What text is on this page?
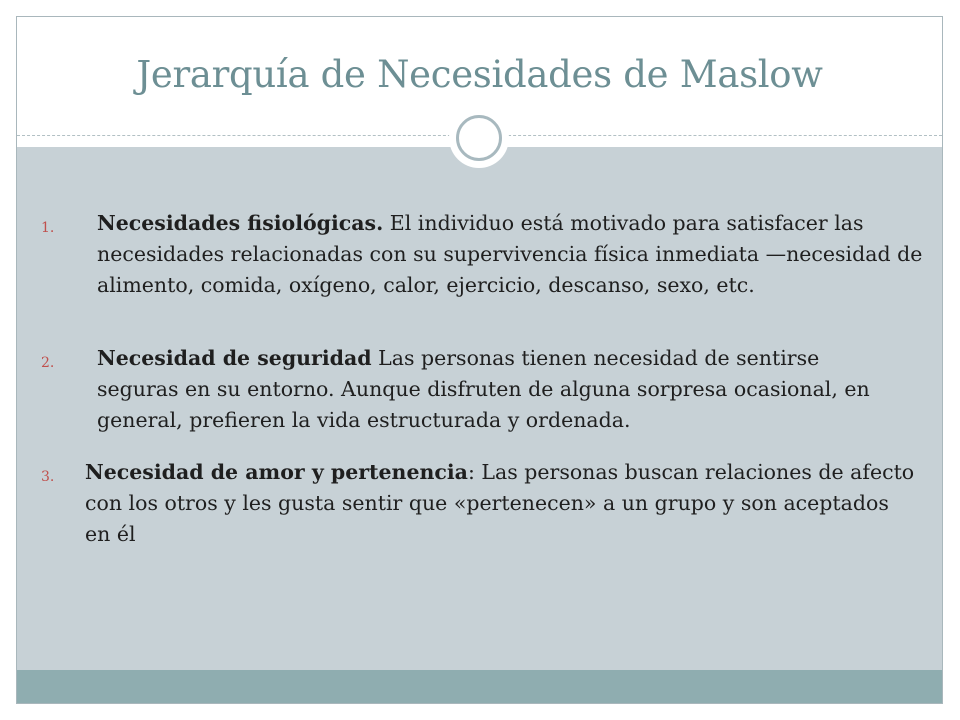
Jerarquía de Necesidades de Maslow
1. Necesidades fisiológicas. El individuo está motivado para satisfacer las necesidades relacionadas con su supervivencia física inmediata —necesidad de alimento, comida, oxígeno, calor, ejercicio, descanso, sexo, etc.
2. Necesidad de seguridad Las personas tienen necesidad de sentirse seguras en su entorno. Aunque disfruten de alguna sorpresa ocasional, en general, prefieren la vida estructurada y ordenada.
3. Necesidad de amor y pertenencia: Las personas buscan relaciones de afecto con los otros y les gusta sentir que «pertenecen» a un grupo y son aceptados en él
